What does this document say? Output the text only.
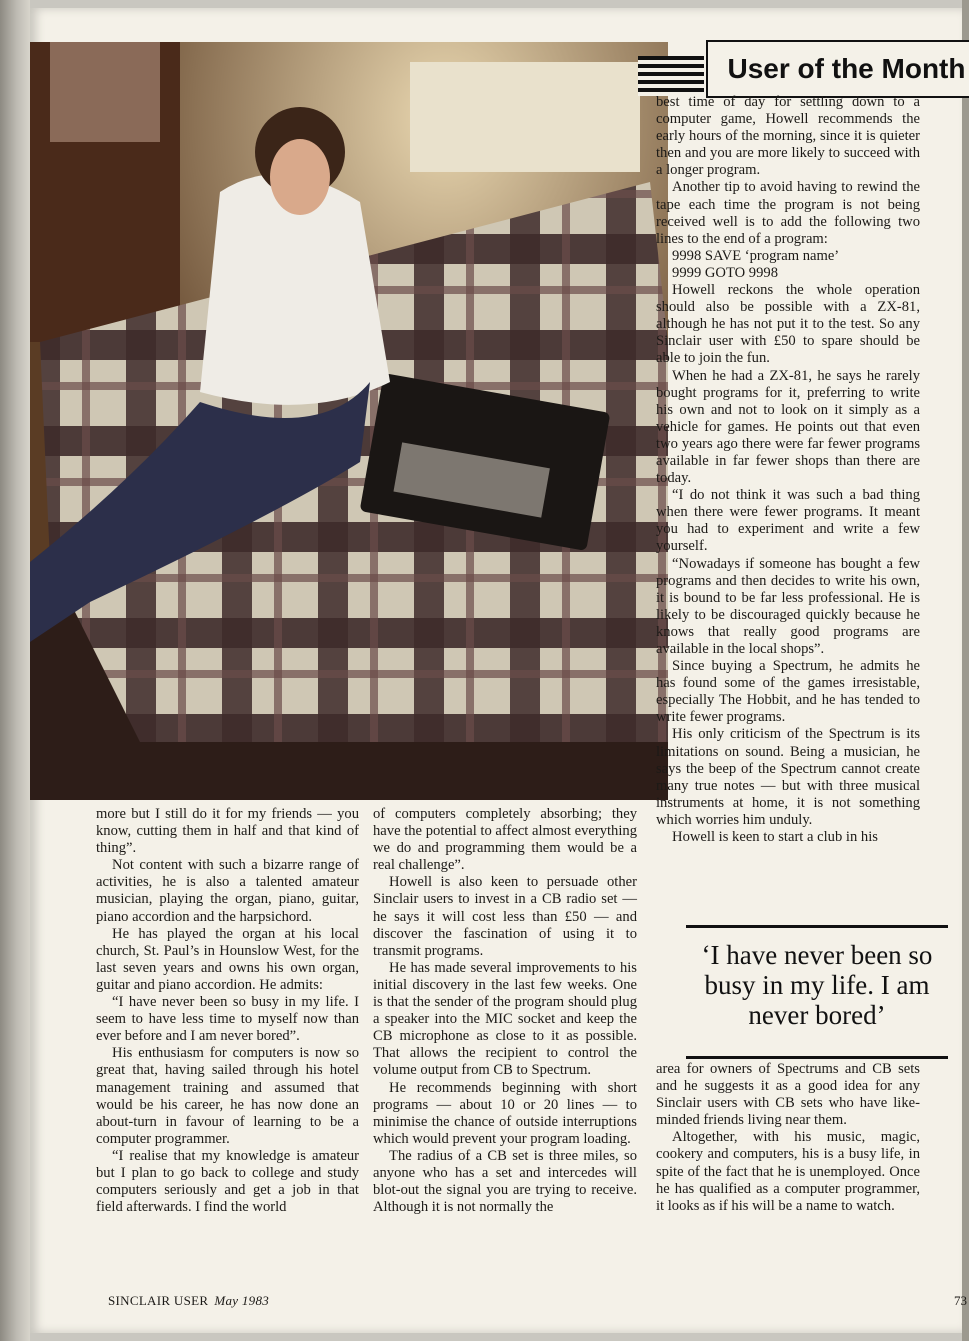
User of the Month

best time of day for settling down to a computer game, Howell recommends the early hours of the morning, since it is quieter then and you are more likely to succeed with a longer program.

Another tip to avoid having to rewind the tape each time the program is not being received well is to add the following two lines to the end of a program:

9998 SAVE ‘program name’

9999 GOTO 9998

Howell reckons the whole operation should also be possible with a ZX-81, although he has not put it to the test. So any Sinclair user with £50 to spare should be able to join the fun.

When he had a ZX-81, he says he rarely bought programs for it, preferring to write his own and not to look on it simply as a vehicle for games. He points out that even two years ago there were far fewer programs available in far fewer shops than there are today.

“I do not think it was such a bad thing when there were fewer programs. It meant you had to experiment and write a few yourself.

“Nowadays if someone has bought a few programs and then decides to write his own, it is bound to be far less professional. He is likely to be discouraged quickly because he knows that really good programs are available in the local shops”.

Since buying a Spectrum, he admits he has found some of the games irresistable, especially The Hobbit, and he has tended to write fewer programs.

His only criticism of the Spectrum is its limitations on sound. Being a musician, he says the beep of the Spectrum cannot create many true notes — but with three musical instruments at home, it is not something which worries him unduly.

Howell is keen to start a club in his

‘I have never been so busy in my life. I am never bored’

area for owners of Spectrums and CB sets and he suggests it as a good idea for any Sinclair users with CB sets who have like-minded friends living near them.

Altogether, with his music, magic, cookery and computers, his is a busy life, in spite of the fact that he is unemployed. Once he has qualified as a computer programmer, it looks as if his will be a name to watch.

more but I still do it for my friends — you know, cutting them in half and that kind of thing”.

Not content with such a bizarre range of activities, he is also a talented amateur musician, playing the organ, piano, guitar, piano accordion and the harpsichord.

He has played the organ at his local church, St. Paul’s in Hounslow West, for the last seven years and owns his own organ, guitar and piano accordion. He admits:

“I have never been so busy in my life. I seem to have less time to myself now than ever before and I am never bored”.

His enthusiasm for computers is now so great that, having sailed through his hotel management training and assumed that would be his career, he has now done an about-turn in favour of learning to be a computer programmer.

“I realise that my knowledge is amateur but I plan to go back to college and study computers seriously and get a job in that field afterwards. I find the world

of computers completely absorbing; they have the potential to affect almost everything we do and programming them would be a real challenge”.

Howell is also keen to persuade other Sinclair users to invest in a CB radio set — he says it will cost less than £50 — and discover the fascination of using it to transmit programs.

He has made several improvements to his initial discovery in the last few weeks. One is that the sender of the program should plug a speaker into the MIC socket and keep the CB microphone as close to it as possible. That allows the recipient to control the volume output from CB to Spectrum.

He recommends beginning with short programs — about 10 or 20 lines — to minimise the chance of outside interruptions which would prevent your program loading.

The radius of a CB set is three miles, so anyone who has a set and intercedes will blot-out the signal you are trying to receive. Although it is not normally the

SINCLAIR USER May 1983	73
